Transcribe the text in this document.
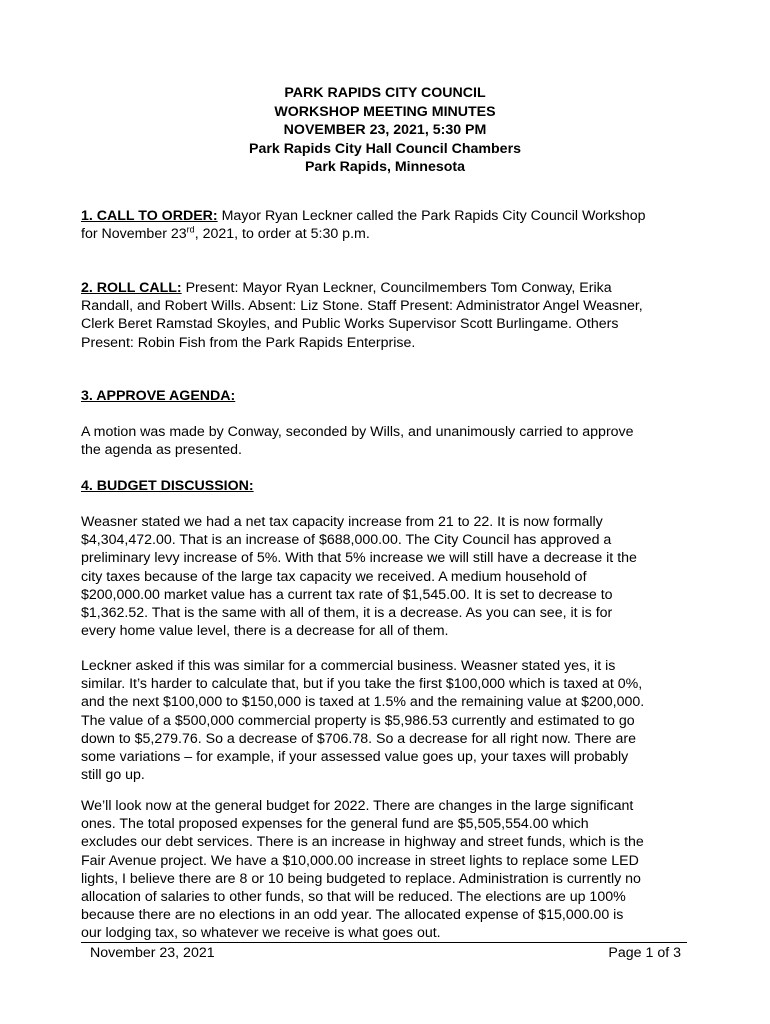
PARK RAPIDS CITY COUNCIL
WORKSHOP MEETING MINUTES
NOVEMBER 23, 2021, 5:30 PM
Park Rapids City Hall Council Chambers
Park Rapids, Minnesota
1. CALL TO ORDER: Mayor Ryan Leckner called the Park Rapids City Council Workshop
for November 23rd, 2021, to order at 5:30 p.m.
2. ROLL CALL: Present: Mayor Ryan Leckner, Councilmembers Tom Conway, Erika
Randall, and Robert Wills. Absent: Liz Stone. Staff Present: Administrator Angel Weasner,
Clerk Beret Ramstad Skoyles, and Public Works Supervisor Scott Burlingame. Others
Present: Robin Fish from the Park Rapids Enterprise.
3. APPROVE AGENDA:
A motion was made by Conway, seconded by Wills, and unanimously carried to approve
the agenda as presented.
4. BUDGET DISCUSSION:
Weasner stated we had a net tax capacity increase from 21 to 22. It is now formally
$4,304,472.00. That is an increase of $688,000.00. The City Council has approved a
preliminary levy increase of 5%. With that 5% increase we will still have a decrease it the
city taxes because of the large tax capacity we received. A medium household of
$200,000.00 market value has a current tax rate of $1,545.00. It is set to decrease to
$1,362.52. That is the same with all of them, it is a decrease. As you can see, it is for
every home value level, there is a decrease for all of them.
Leckner asked if this was similar for a commercial business. Weasner stated yes, it is
similar. It’s harder to calculate that, but if you take the first $100,000 which is taxed at 0%,
and the next $100,000 to $150,000 is taxed at 1.5% and the remaining value at $200,000.
The value of a $500,000 commercial property is $5,986.53 currently and estimated to go
down to $5,279.76. So a decrease of $706.78. So a decrease for all right now. There are
some variations – for example, if your assessed value goes up, your taxes will probably
still go up.
We’ll look now at the general budget for 2022. There are changes in the large significant
ones. The total proposed expenses for the general fund are $5,505,554.00 which
excludes our debt services. There is an increase in highway and street funds, which is the
Fair Avenue project. We have a $10,000.00 increase in street lights to replace some LED
lights, I believe there are 8 or 10 being budgeted to replace. Administration is currently no
allocation of salaries to other funds, so that will be reduced. The elections are up 100%
because there are no elections in an odd year. The allocated expense of $15,000.00 is
our lodging tax, so whatever we receive is what goes out.
November 23, 2021	Page 1 of 3
